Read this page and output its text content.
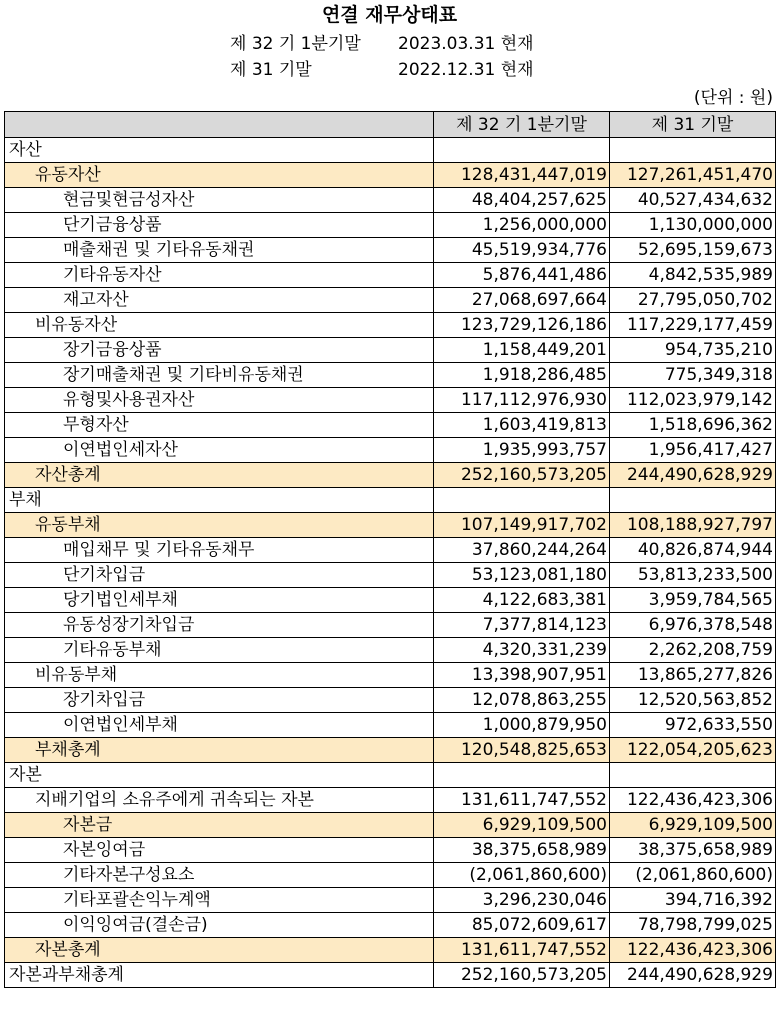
연결 재무상태표
제 32 기 1분기말 2023.03.31 현재
제 31 기말	2022.12.31 현재
(단위 : 원)
	제 32 기 1분기말	제 31 기말
자산		
유동자산	128,431,447,019	127,261,451,470
현금및현금성자산	48,404,257,625	40,527,434,632
단기금융상품	1,256,000,000	1,130,000,000
매출채권 및 기타유동채권	45,519,934,776	52,695,159,673
기타유동자산	5,876,441,486	4,842,535,989
재고자산	27,068,697,664	27,795,050,702
비유동자산	123,729,126,186	117,229,177,459
장기금융상품	1,158,449,201	954,735,210
장기매출채권 및 기타비유동채권	1,918,286,485	775,349,318
유형및사용권자산	117,112,976,930	112,023,979,142
무형자산	1,603,419,813	1,518,696,362
이연법인세자산	1,935,993,757	1,956,417,427
자산총계	252,160,573,205	244,490,628,929
부채		
유동부채	107,149,917,702	108,188,927,797
매입채무 및 기타유동채무	37,860,244,264	40,826,874,944
단기차입금	53,123,081,180	53,813,233,500
당기법인세부채	4,122,683,381	3,959,784,565
유동성장기차입금	7,377,814,123	6,976,378,548
기타유동부채	4,320,331,239	2,262,208,759
비유동부채	13,398,907,951	13,865,277,826
장기차입금	12,078,863,255	12,520,563,852
이연법인세부채	1,000,879,950	972,633,550
부채총계	120,548,825,653	122,054,205,623
자본		
지배기업의 소유주에게 귀속되는 자본	131,611,747,552	122,436,423,306
자본금	6,929,109,500	6,929,109,500
자본잉여금	38,375,658,989	38,375,658,989
기타자본구성요소	(2,061,860,600)	(2,061,860,600)
기타포괄손익누계액	3,296,230,046	394,716,392
이익잉여금(결손금)	85,072,609,617	78,798,799,025
자본총계	131,611,747,552	122,436,423,306
자본과부채총계	252,160,573,205	244,490,628,929
